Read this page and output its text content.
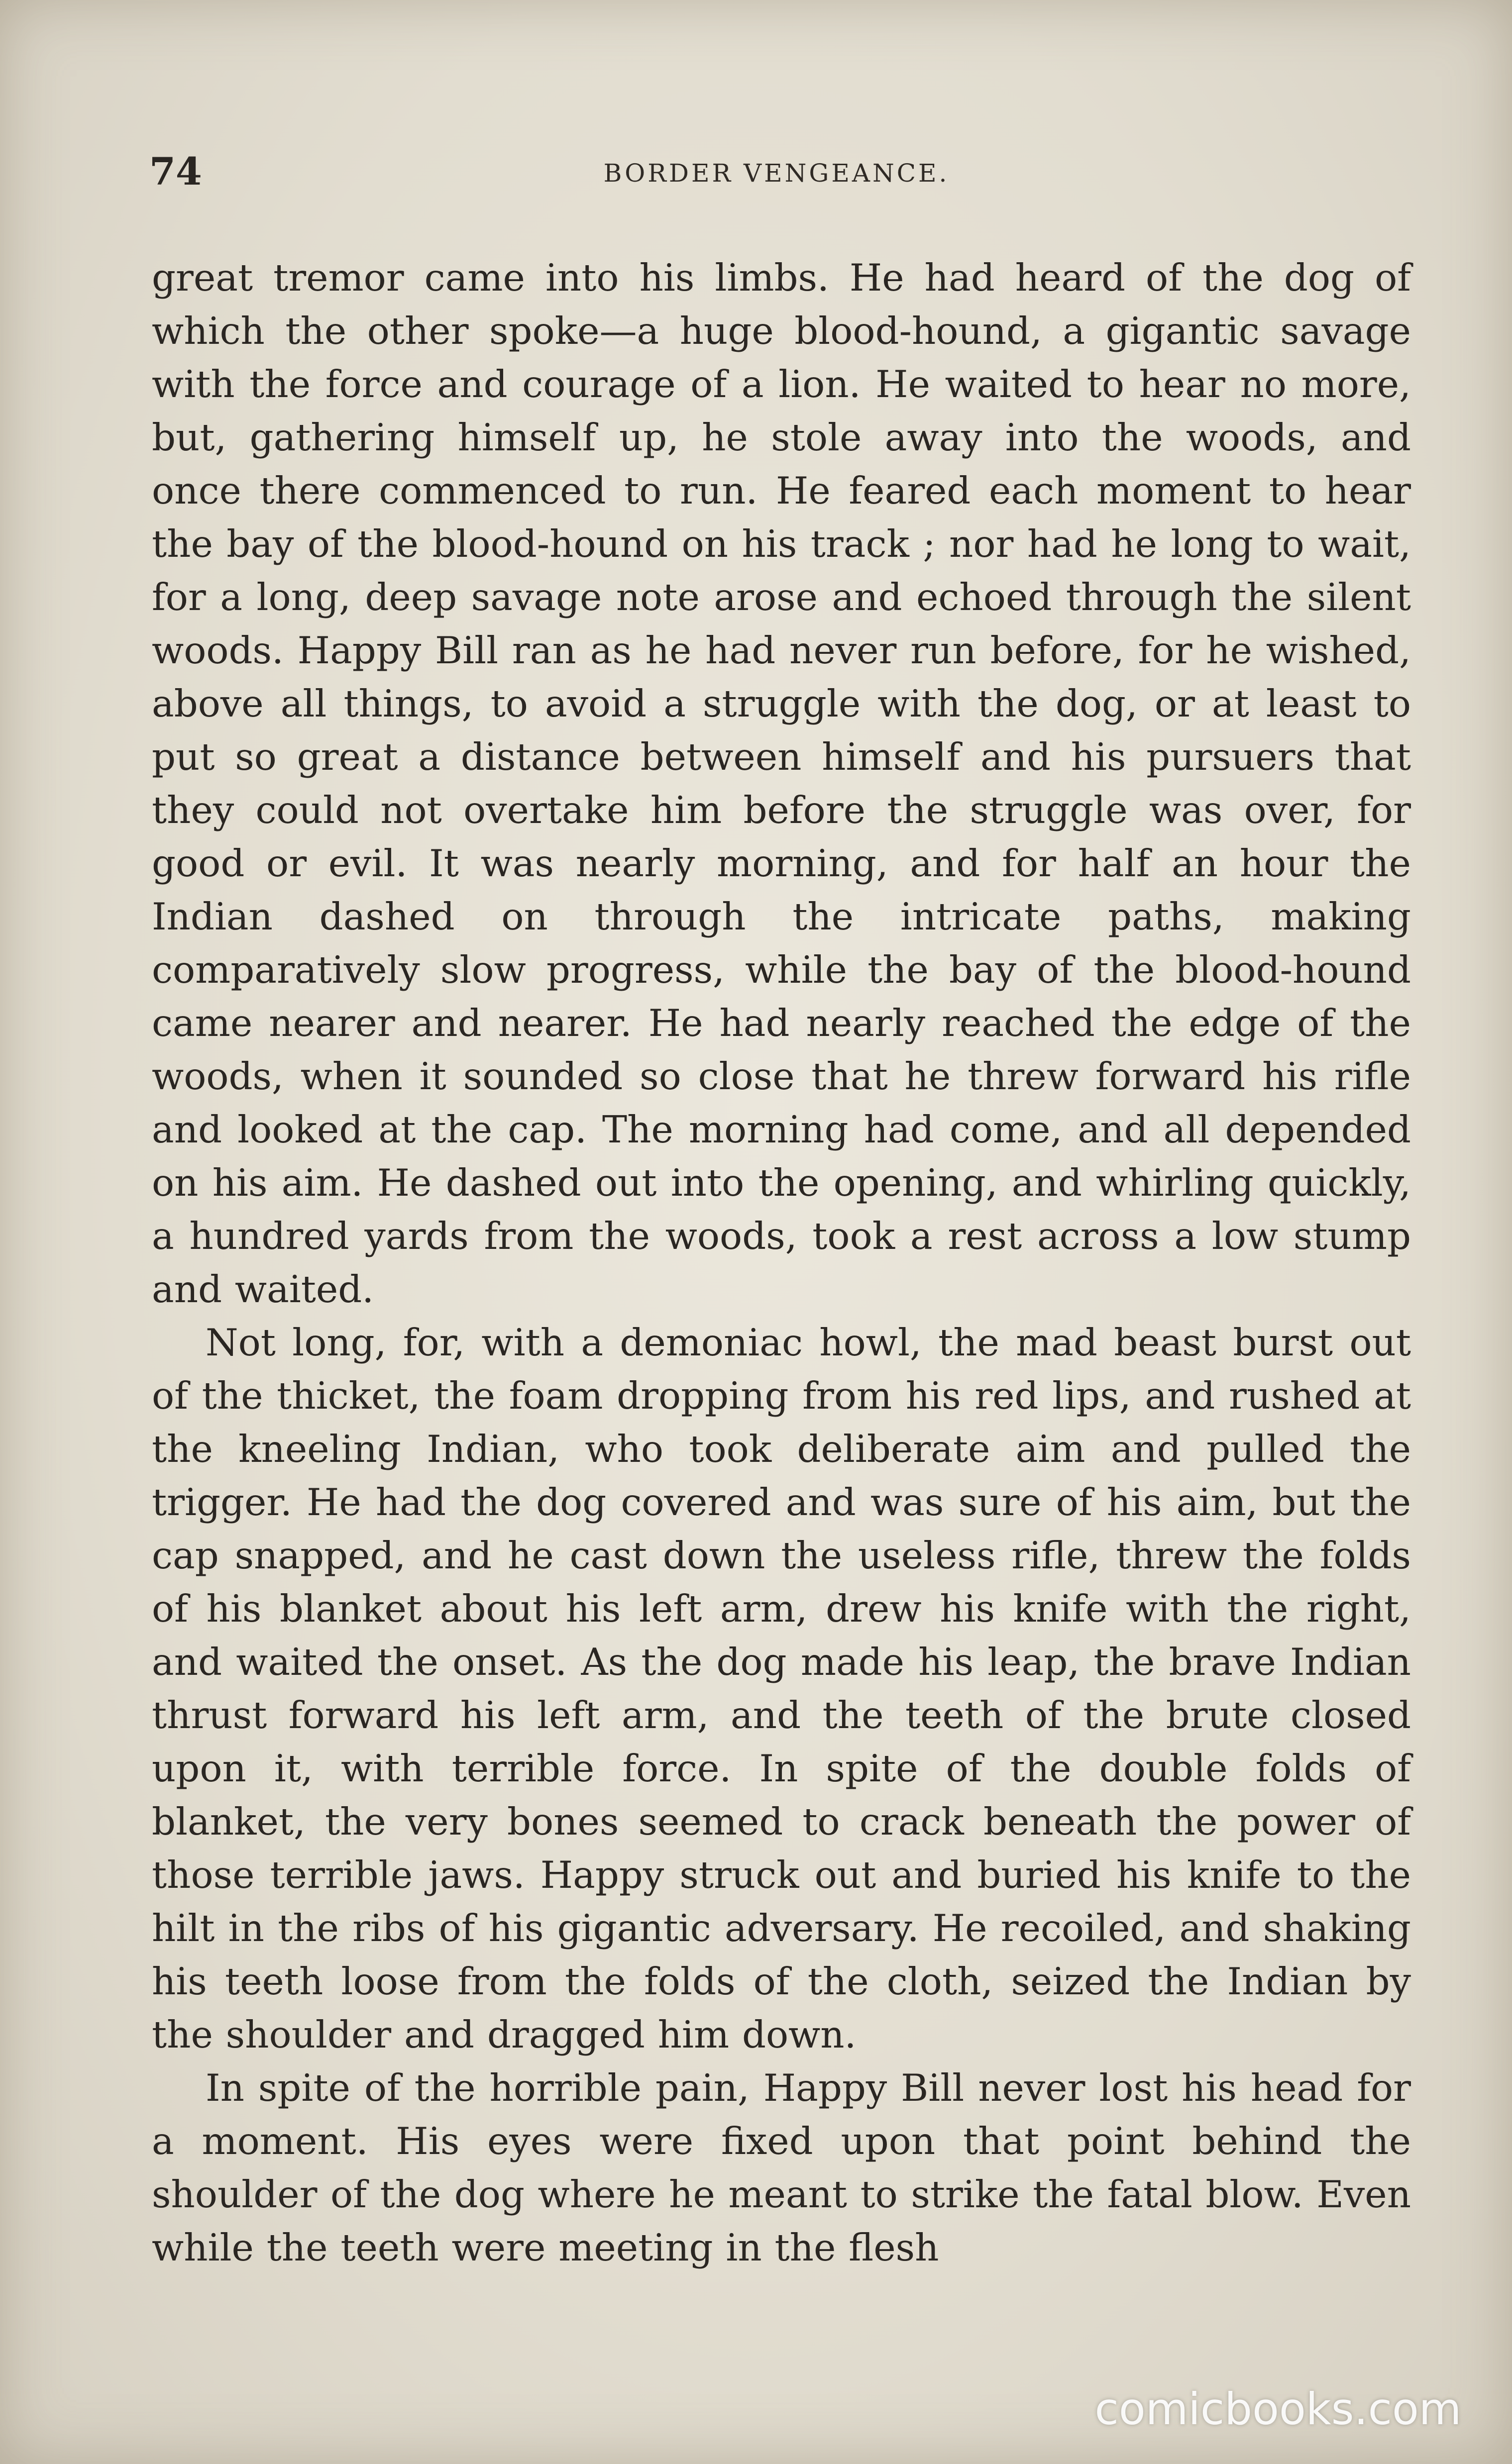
74	BORDER VENGEANCE.

great tremor came into his limbs. He had heard of the dog of which the other spoke—a huge blood-hound, a gigantic savage with the force and courage of a lion. He waited to hear no more, but, gathering himself up, he stole away into the woods, and once there commenced to run. He feared each moment to hear the bay of the blood-hound on his track ; nor had he long to wait, for a long, deep savage note arose and echoed through the silent woods. Happy Bill ran as he had never run before, for he wished, above all things, to avoid a struggle with the dog, or at least to put so great a distance between himself and his pursuers that they could not overtake him before the struggle was over, for good or evil. It was nearly morning, and for half an hour the Indian dashed on through the intricate paths, making comparatively slow progress, while the bay of the blood-hound came nearer and nearer. He had nearly reached the edge of the woods, when it sounded so close that he threw forward his rifle and looked at the cap. The morning had come, and all depended on his aim. He dashed out into the opening, and whirling quickly, a hundred yards from the woods, took a rest across a low stump and waited.

Not long, for, with a demoniac howl, the mad beast burst out of the thicket, the foam dropping from his red lips, and rushed at the kneeling Indian, who took deliberate aim and pulled the trigger. He had the dog covered and was sure of his aim, but the cap snapped, and he cast down the useless rifle, threw the folds of his blanket about his left arm, drew his knife with the right, and waited the onset. As the dog made his leap, the brave Indian thrust forward his left arm, and the teeth of the brute closed upon it, with terrible force. In spite of the double folds of blanket, the very bones seemed to crack beneath the power of those terrible jaws. Happy struck out and buried his knife to the hilt in the ribs of his gigantic adversary. He recoiled, and shaking his teeth loose from the folds of the cloth, seized the Indian by the shoulder and dragged him down.

In spite of the horrible pain, Happy Bill never lost his head for a moment. His eyes were fixed upon that point behind the shoulder of the dog where he meant to strike the fatal blow. Even while the teeth were meeting in the flesh

comicbooks.com
